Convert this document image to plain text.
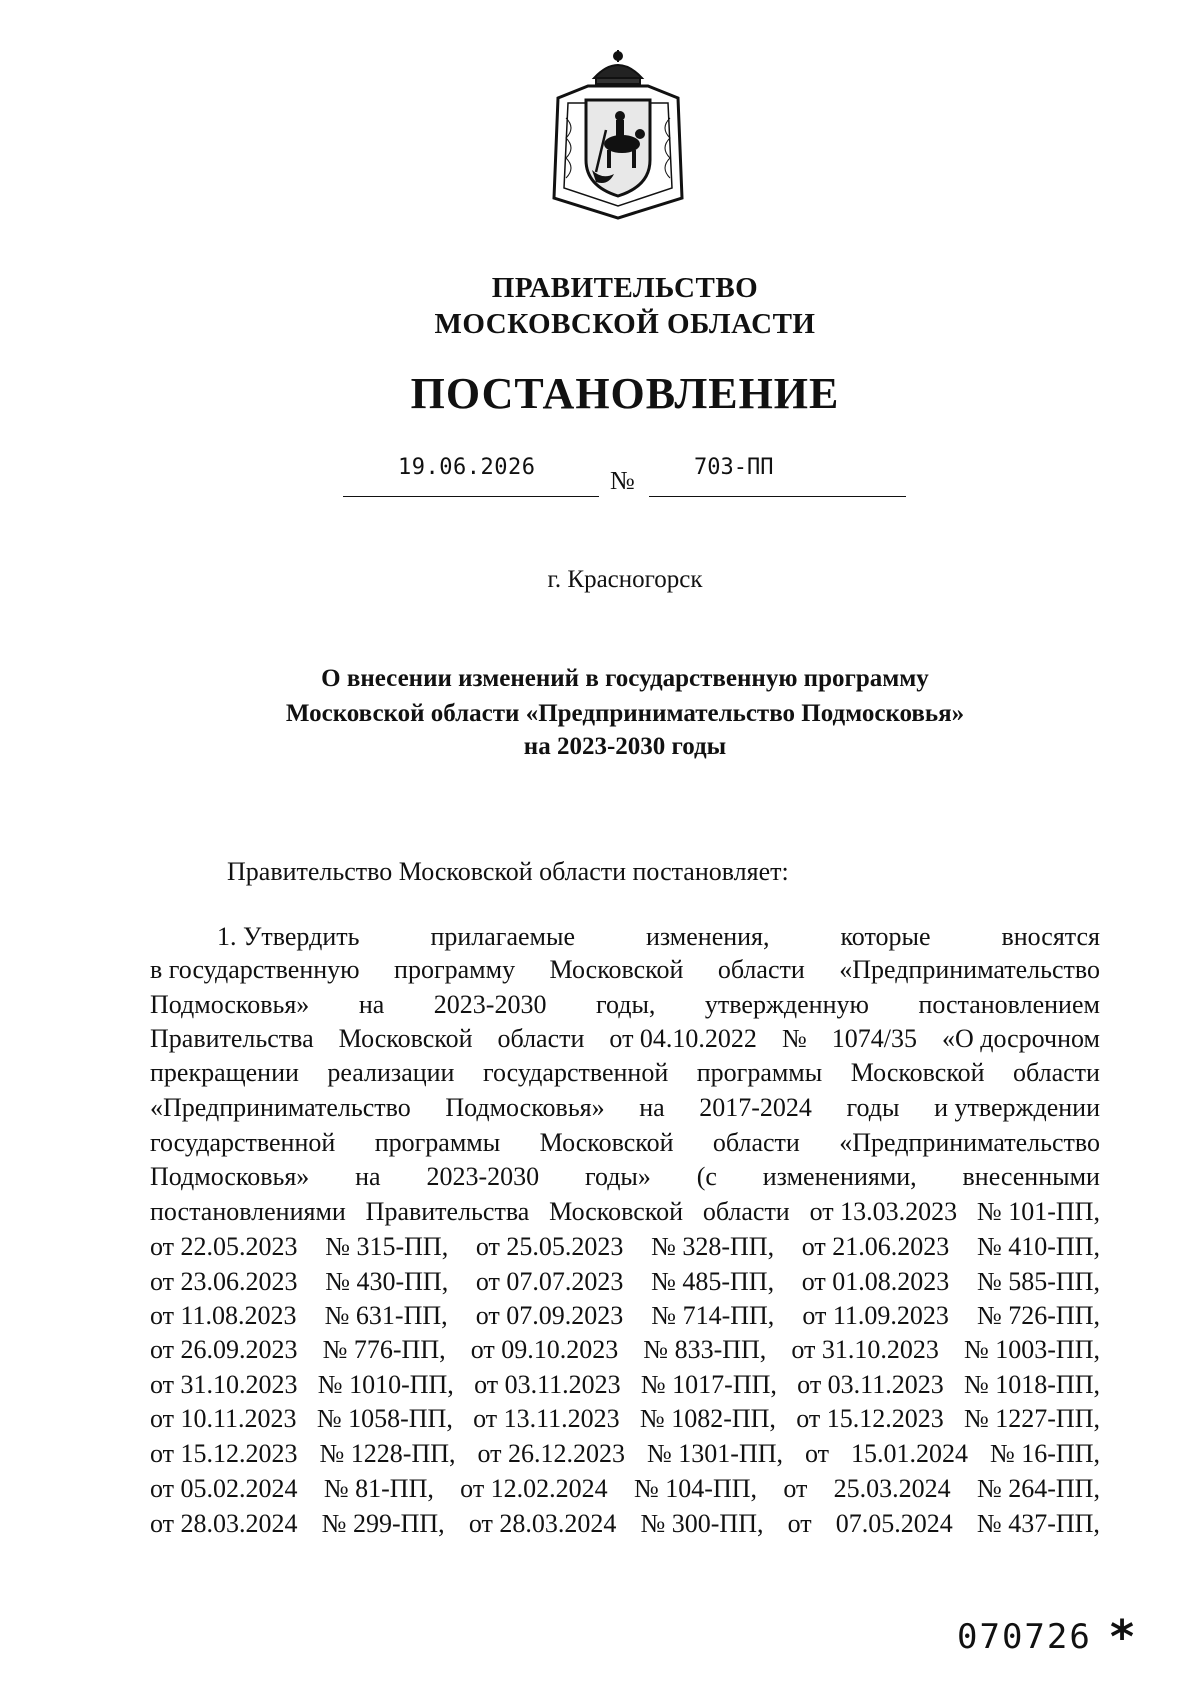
ПРАВИТЕЛЬСТВО
МОСКОВСКОЙ ОБЛАСТИ
ПОСТАНОВЛЕНИЕ
19.06.2026	№	703-ПП
г. Красногорск
О внесении изменений в государственную программу
Московской области «Предпринимательство Подмосковья»
на 2023-2030 годы
Правительство Московской области постановляет:
1. Утвердить	прилагаемые	изменения,	которые	вносятся
в государственную программу Московской области «Предпринимательство
Подмосковья» на 2023-2030 годы, утвержденную постановлением
Правительства Московской области от 04.10.2022 № 1074/35 «О досрочном
прекращении реализации государственной программы Московской области
«Предпринимательство Подмосковья» на 2017-2024 годы и утверждении
государственной программы Московской области «Предпринимательство
Подмосковья» на 2023-2030 годы» (с изменениями, внесенными
постановлениями Правительства Московской области от 13.03.2023 № 101-ПП,
от 22.05.2023 № 315-ПП, от 25.05.2023 № 328-ПП, от 21.06.2023 № 410-ПП,
от 23.06.2023 № 430-ПП, от 07.07.2023 № 485-ПП, от 01.08.2023 № 585-ПП,
от 11.08.2023 № 631-ПП, от 07.09.2023 № 714-ПП, от 11.09.2023 № 726-ПП,
от 26.09.2023 № 776-ПП, от 09.10.2023 № 833-ПП, от 31.10.2023 № 1003-ПП,
от 31.10.2023 № 1010-ПП, от 03.11.2023 № 1017-ПП, от 03.11.2023 № 1018-ПП,
от 10.11.2023 № 1058-ПП, от 13.11.2023 № 1082-ПП, от 15.12.2023 № 1227-ПП,
от 15.12.2023 № 1228-ПП, от 26.12.2023 № 1301-ПП, от 15.01.2024 № 16-ПП,
от 05.02.2024 № 81-ПП, от 12.02.2024 № 104-ПП, от 25.03.2024 № 264-ПП,
от 28.03.2024 № 299-ПП, от 28.03.2024 № 300-ПП, от 07.05.2024 № 437-ПП,
070726 *
